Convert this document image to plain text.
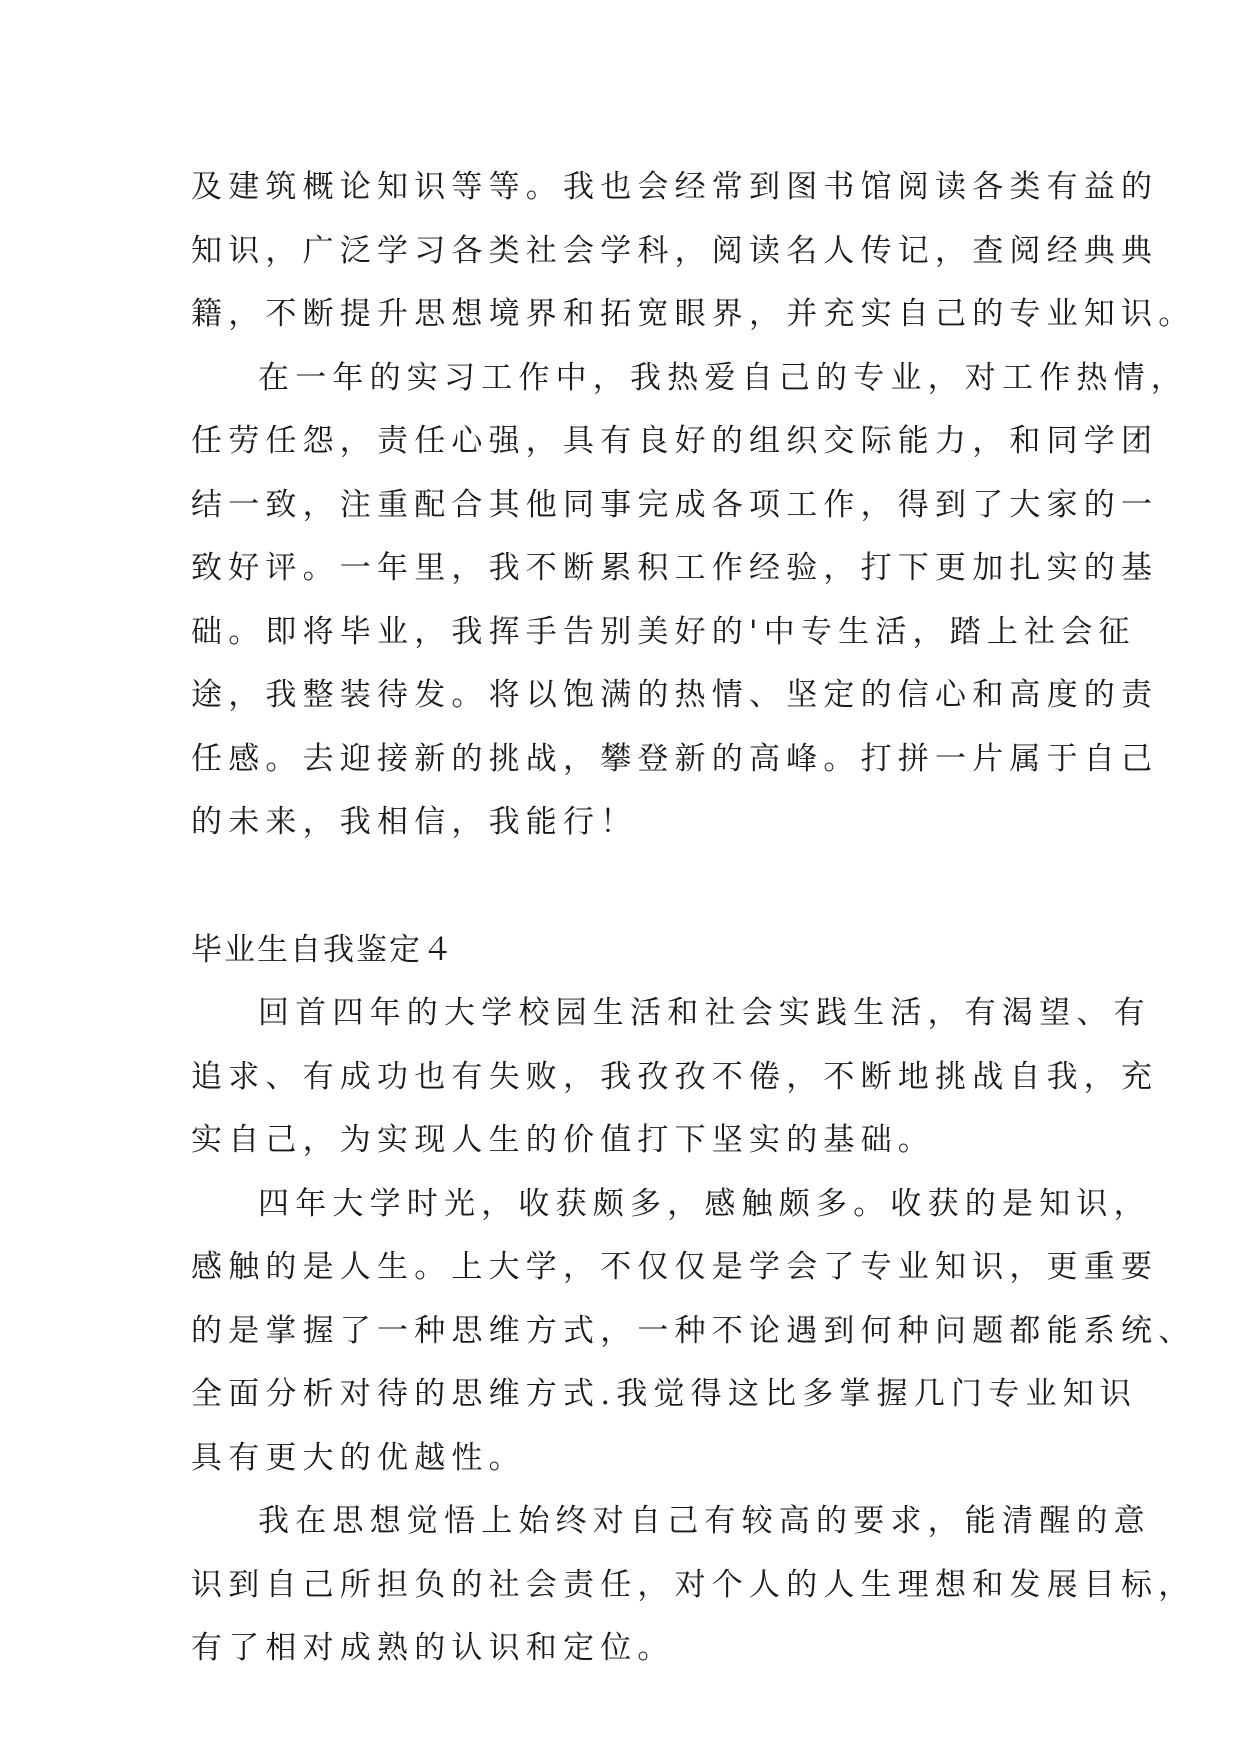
及建筑概论知识等等。我也会经常到图书馆阅读各类有益的
知识，广泛学习各类社会学科，阅读名人传记，查阅经典典
籍，不断提升思想境界和拓宽眼界，并充实自己的专业知识。
在一年的实习工作中，我热爱自己的专业，对工作热情，
任劳任怨，责任心强，具有良好的组织交际能力，和同学团
结一致，注重配合其他同事完成各项工作，得到了大家的一
致好评。一年里，我不断累积工作经验，打下更加扎实的基
础。即将毕业，我挥手告别美好的'中专生活，踏上社会征
途，我整装待发。将以饱满的热情、坚定的信心和高度的责
任感。去迎接新的挑战，攀登新的高峰。打拼一片属于自己
的未来，我相信，我能行！
毕业生自我鉴定４
回首四年的大学校园生活和社会实践生活，有渴望、有
追求、有成功也有失败，我孜孜不倦，不断地挑战自我，充
实自己，为实现人生的价值打下坚实的基础。
四年大学时光，收获颇多，感触颇多。收获的是知识，
感触的是人生。上大学，不仅仅是学会了专业知识，更重要
的是掌握了一种思维方式，一种不论遇到何种问题都能系统、
全面分析对待的思维方式.我觉得这比多掌握几门专业知识
具有更大的优越性。
我在思想觉悟上始终对自己有较高的要求，能清醒的意
识到自己所担负的社会责任，对个人的人生理想和发展目标，
有了相对成熟的认识和定位。
